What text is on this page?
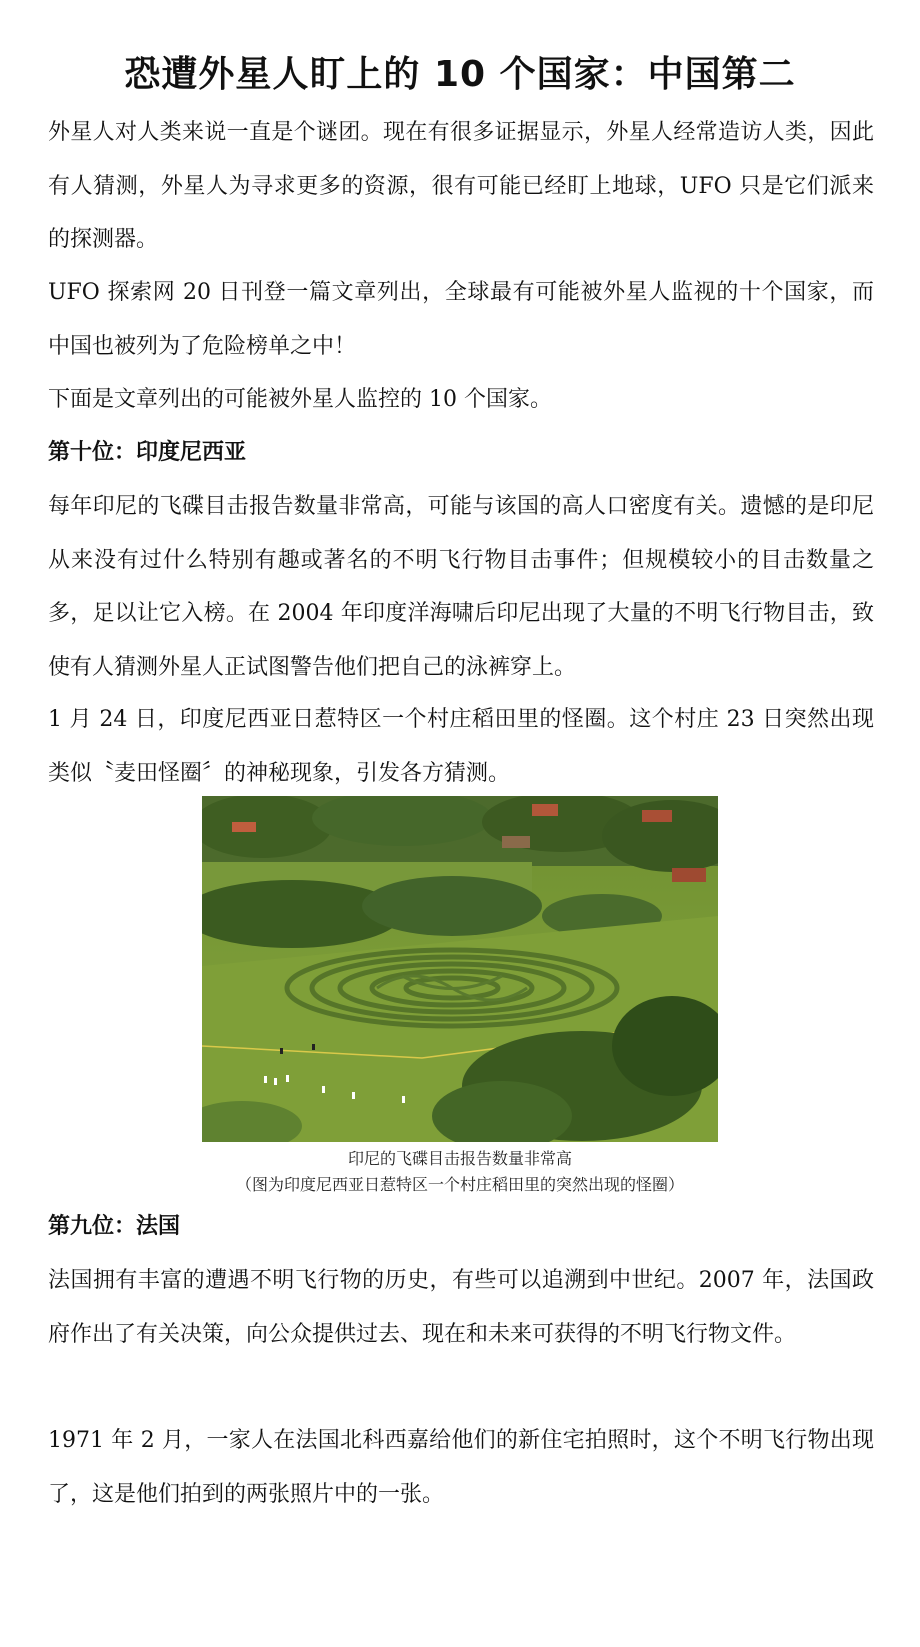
恐遭外星人盯上的 10 个国家：中国第二

外星人对人类来说一直是个谜团。现在有很多证据显示，外星人经常造访人类，因此有人猜测，外星人为寻求更多的资源，很有可能已经盯上地球，UFO 只是它们派来的探测器。

UFO 探索网 20 日刊登一篇文章列出，全球最有可能被外星人监视的十个国家，而中国也被列为了危险榜单之中！

下面是文章列出的可能被外星人监控的 10 个国家。

第十位：印度尼西亚

每年印尼的飞碟目击报告数量非常高，可能与该国的高人口密度有关。遗憾的是印尼从来没有过什么特别有趣或著名的不明飞行物目击事件；但规模较小的目击数量之多，足以让它入榜。在 2004 年印度洋海啸后印尼出现了大量的不明飞行物目击，致使有人猜测外星人正试图警告他们把自己的泳裤穿上。

1 月 24 日，印度尼西亚日惹特区一个村庄稻田里的怪圈。这个村庄 23 日突然出现类似〝麦田怪圈〞的神秘现象，引发各方猜测。

印尼的飞碟目击报告数量非常高

（图为印度尼西亚日惹特区一个村庄稻田里的突然出现的怪圈）

第九位：法国

法国拥有丰富的遭遇不明飞行物的历史，有些可以追溯到中世纪。2007 年，法国政府作出了有关决策，向公众提供过去、现在和未来可获得的不明飞行物文件。

1971 年 2 月，一家人在法国北科西嘉给他们的新住宅拍照时，这个不明飞行物出现了，这是他们拍到的两张照片中的一张。
